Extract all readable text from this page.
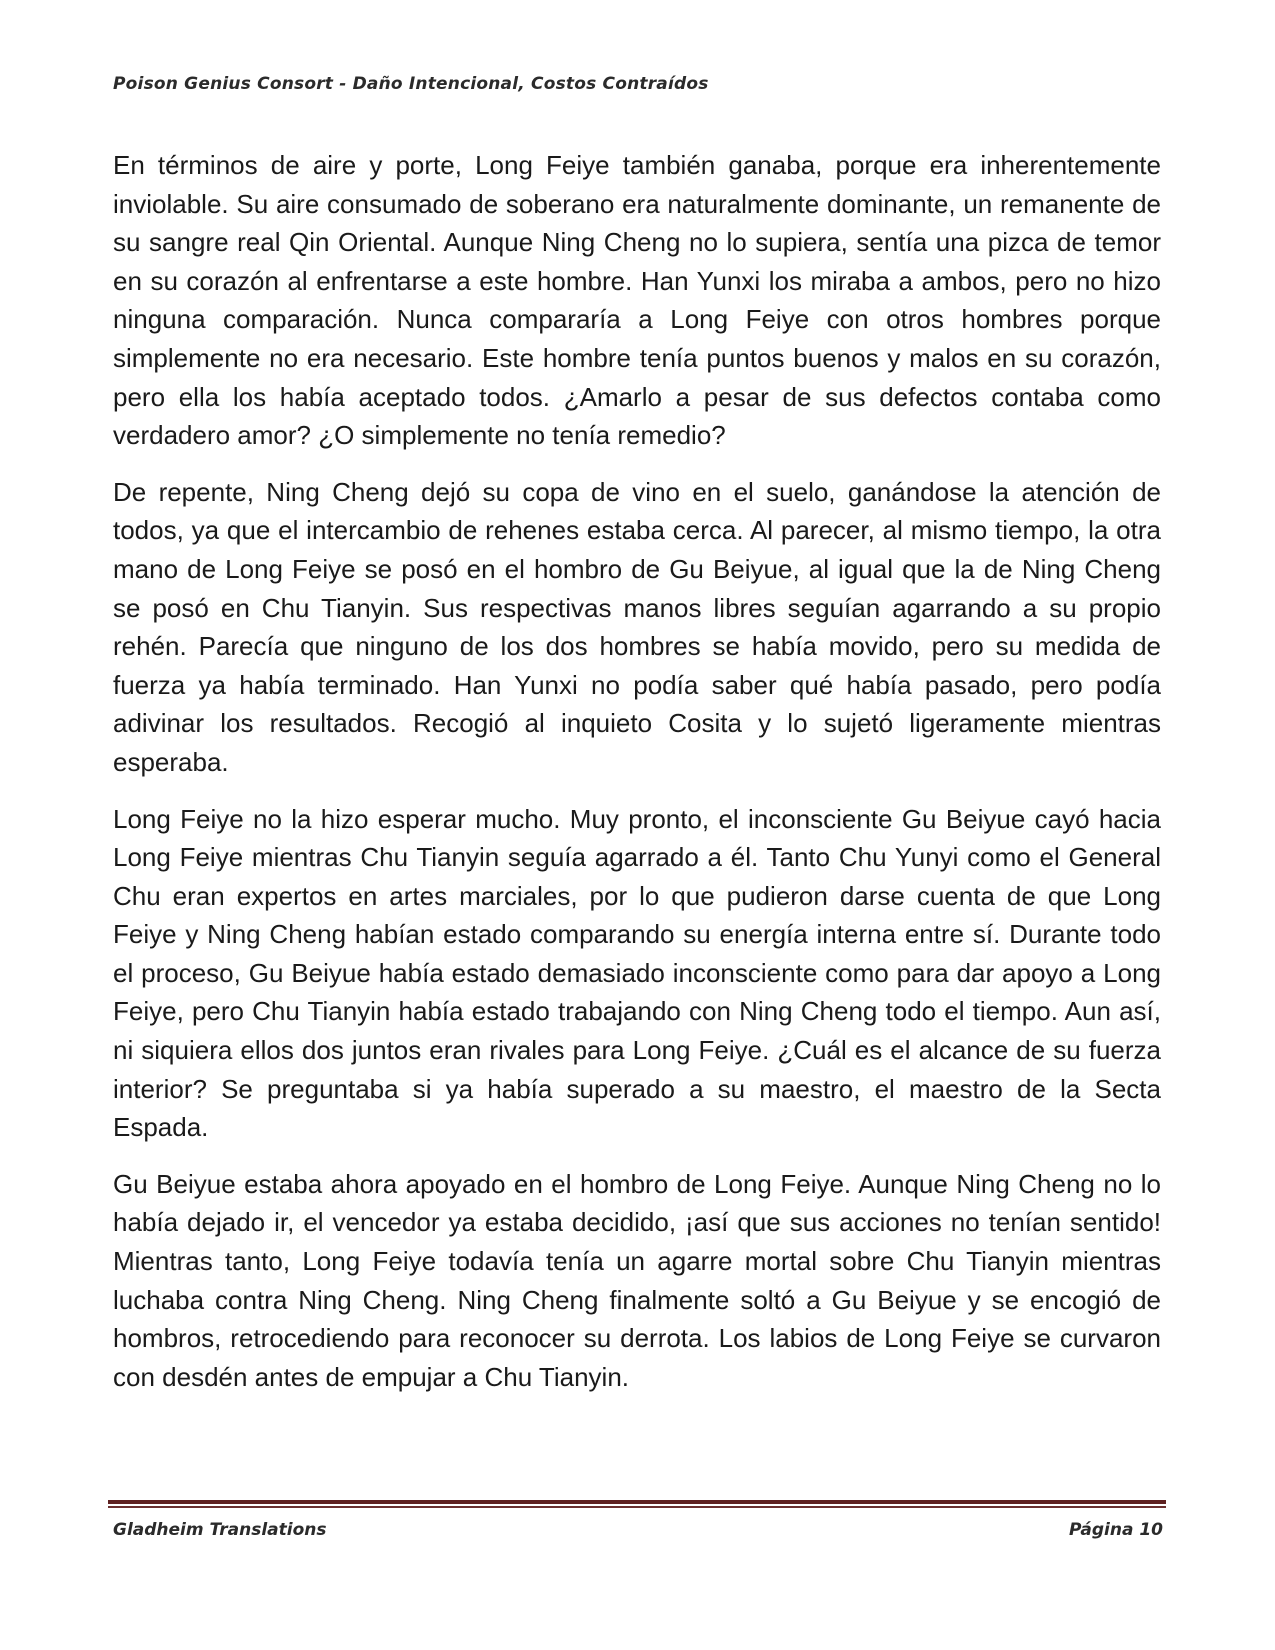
Poison Genius Consort - Daño Intencional, Costos Contraídos

En términos de aire y porte, Long Feiye también ganaba, porque era inherentemente inviolable. Su aire consumado de soberano era naturalmente dominante, un remanente de su sangre real Qin Oriental. Aunque Ning Cheng no lo supiera, sentía una pizca de temor en su corazón al enfrentarse a este hombre. Han Yunxi los miraba a ambos, pero no hizo ninguna comparación. Nunca compararía a Long Feiye con otros hombres porque simplemente no era necesario. Este hombre tenía puntos buenos y malos en su corazón, pero ella los había aceptado todos. ¿Amarlo a pesar de sus defectos contaba como verdadero amor? ¿O simplemente no tenía remedio?

De repente, Ning Cheng dejó su copa de vino en el suelo, ganándose la atención de todos, ya que el intercambio de rehenes estaba cerca. Al parecer, al mismo tiempo, la otra mano de Long Feiye se posó en el hombro de Gu Beiyue, al igual que la de Ning Cheng se posó en Chu Tianyin. Sus respectivas manos libres seguían agarrando a su propio rehén. Parecía que ninguno de los dos hombres se había movido, pero su medida de fuerza ya había terminado. Han Yunxi no podía saber qué había pasado, pero podía adivinar los resultados. Recogió al inquieto Cosita y lo sujetó ligeramente mientras esperaba.

Long Feiye no la hizo esperar mucho. Muy pronto, el inconsciente Gu Beiyue cayó hacia Long Feiye mientras Chu Tianyin seguía agarrado a él. Tanto Chu Yunyi como el General Chu eran expertos en artes marciales, por lo que pudieron darse cuenta de que Long Feiye y Ning Cheng habían estado comparando su energía interna entre sí. Durante todo el proceso, Gu Beiyue había estado demasiado inconsciente como para dar apoyo a Long Feiye, pero Chu Tianyin había estado trabajando con Ning Cheng todo el tiempo. Aun así, ni siquiera ellos dos juntos eran rivales para Long Feiye. ¿Cuál es el alcance de su fuerza interior? Se preguntaba si ya había superado a su maestro, el maestro de la Secta Espada.

Gu Beiyue estaba ahora apoyado en el hombro de Long Feiye. Aunque Ning Cheng no lo había dejado ir, el vencedor ya estaba decidido, ¡así que sus acciones no tenían sentido! Mientras tanto, Long Feiye todavía tenía un agarre mortal sobre Chu Tianyin mientras luchaba contra Ning Cheng. Ning Cheng finalmente soltó a Gu Beiyue y se encogió de hombros, retrocediendo para reconocer su derrota. Los labios de Long Feiye se curvaron con desdén antes de empujar a Chu Tianyin.

Gladheim Translations	Página 10
